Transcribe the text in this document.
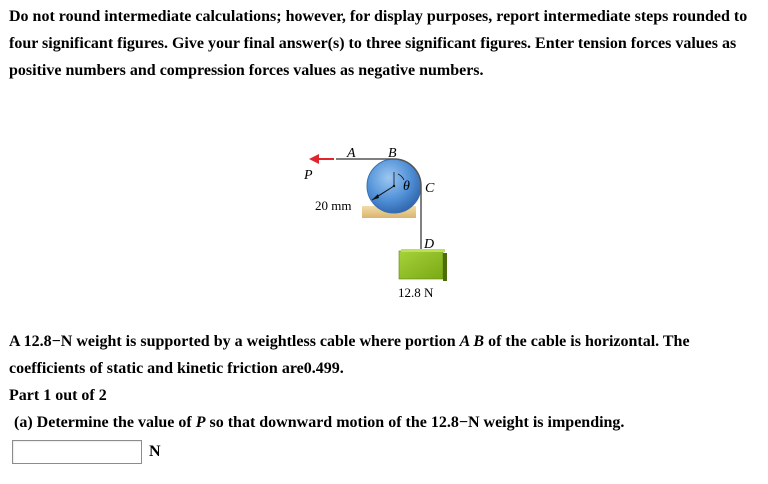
Do not round intermediate calculations; however, for display purposes, report intermediate steps rounded to four significant figures. Give your final answer(s) to three significant figures. Enter tension forces values as positive numbers and compression forces values as negative numbers.

P
A B
C
D
θ
20 mm
12.8 N

A 12.8−N weight is supported by a weightless cable where portion A B of the cable is horizontal. The coefficients of static and kinetic friction are0.499.

Part 1 out of 2
(a) Determine the value of P so that downward motion of the 12.8−N weight is impending.
N
